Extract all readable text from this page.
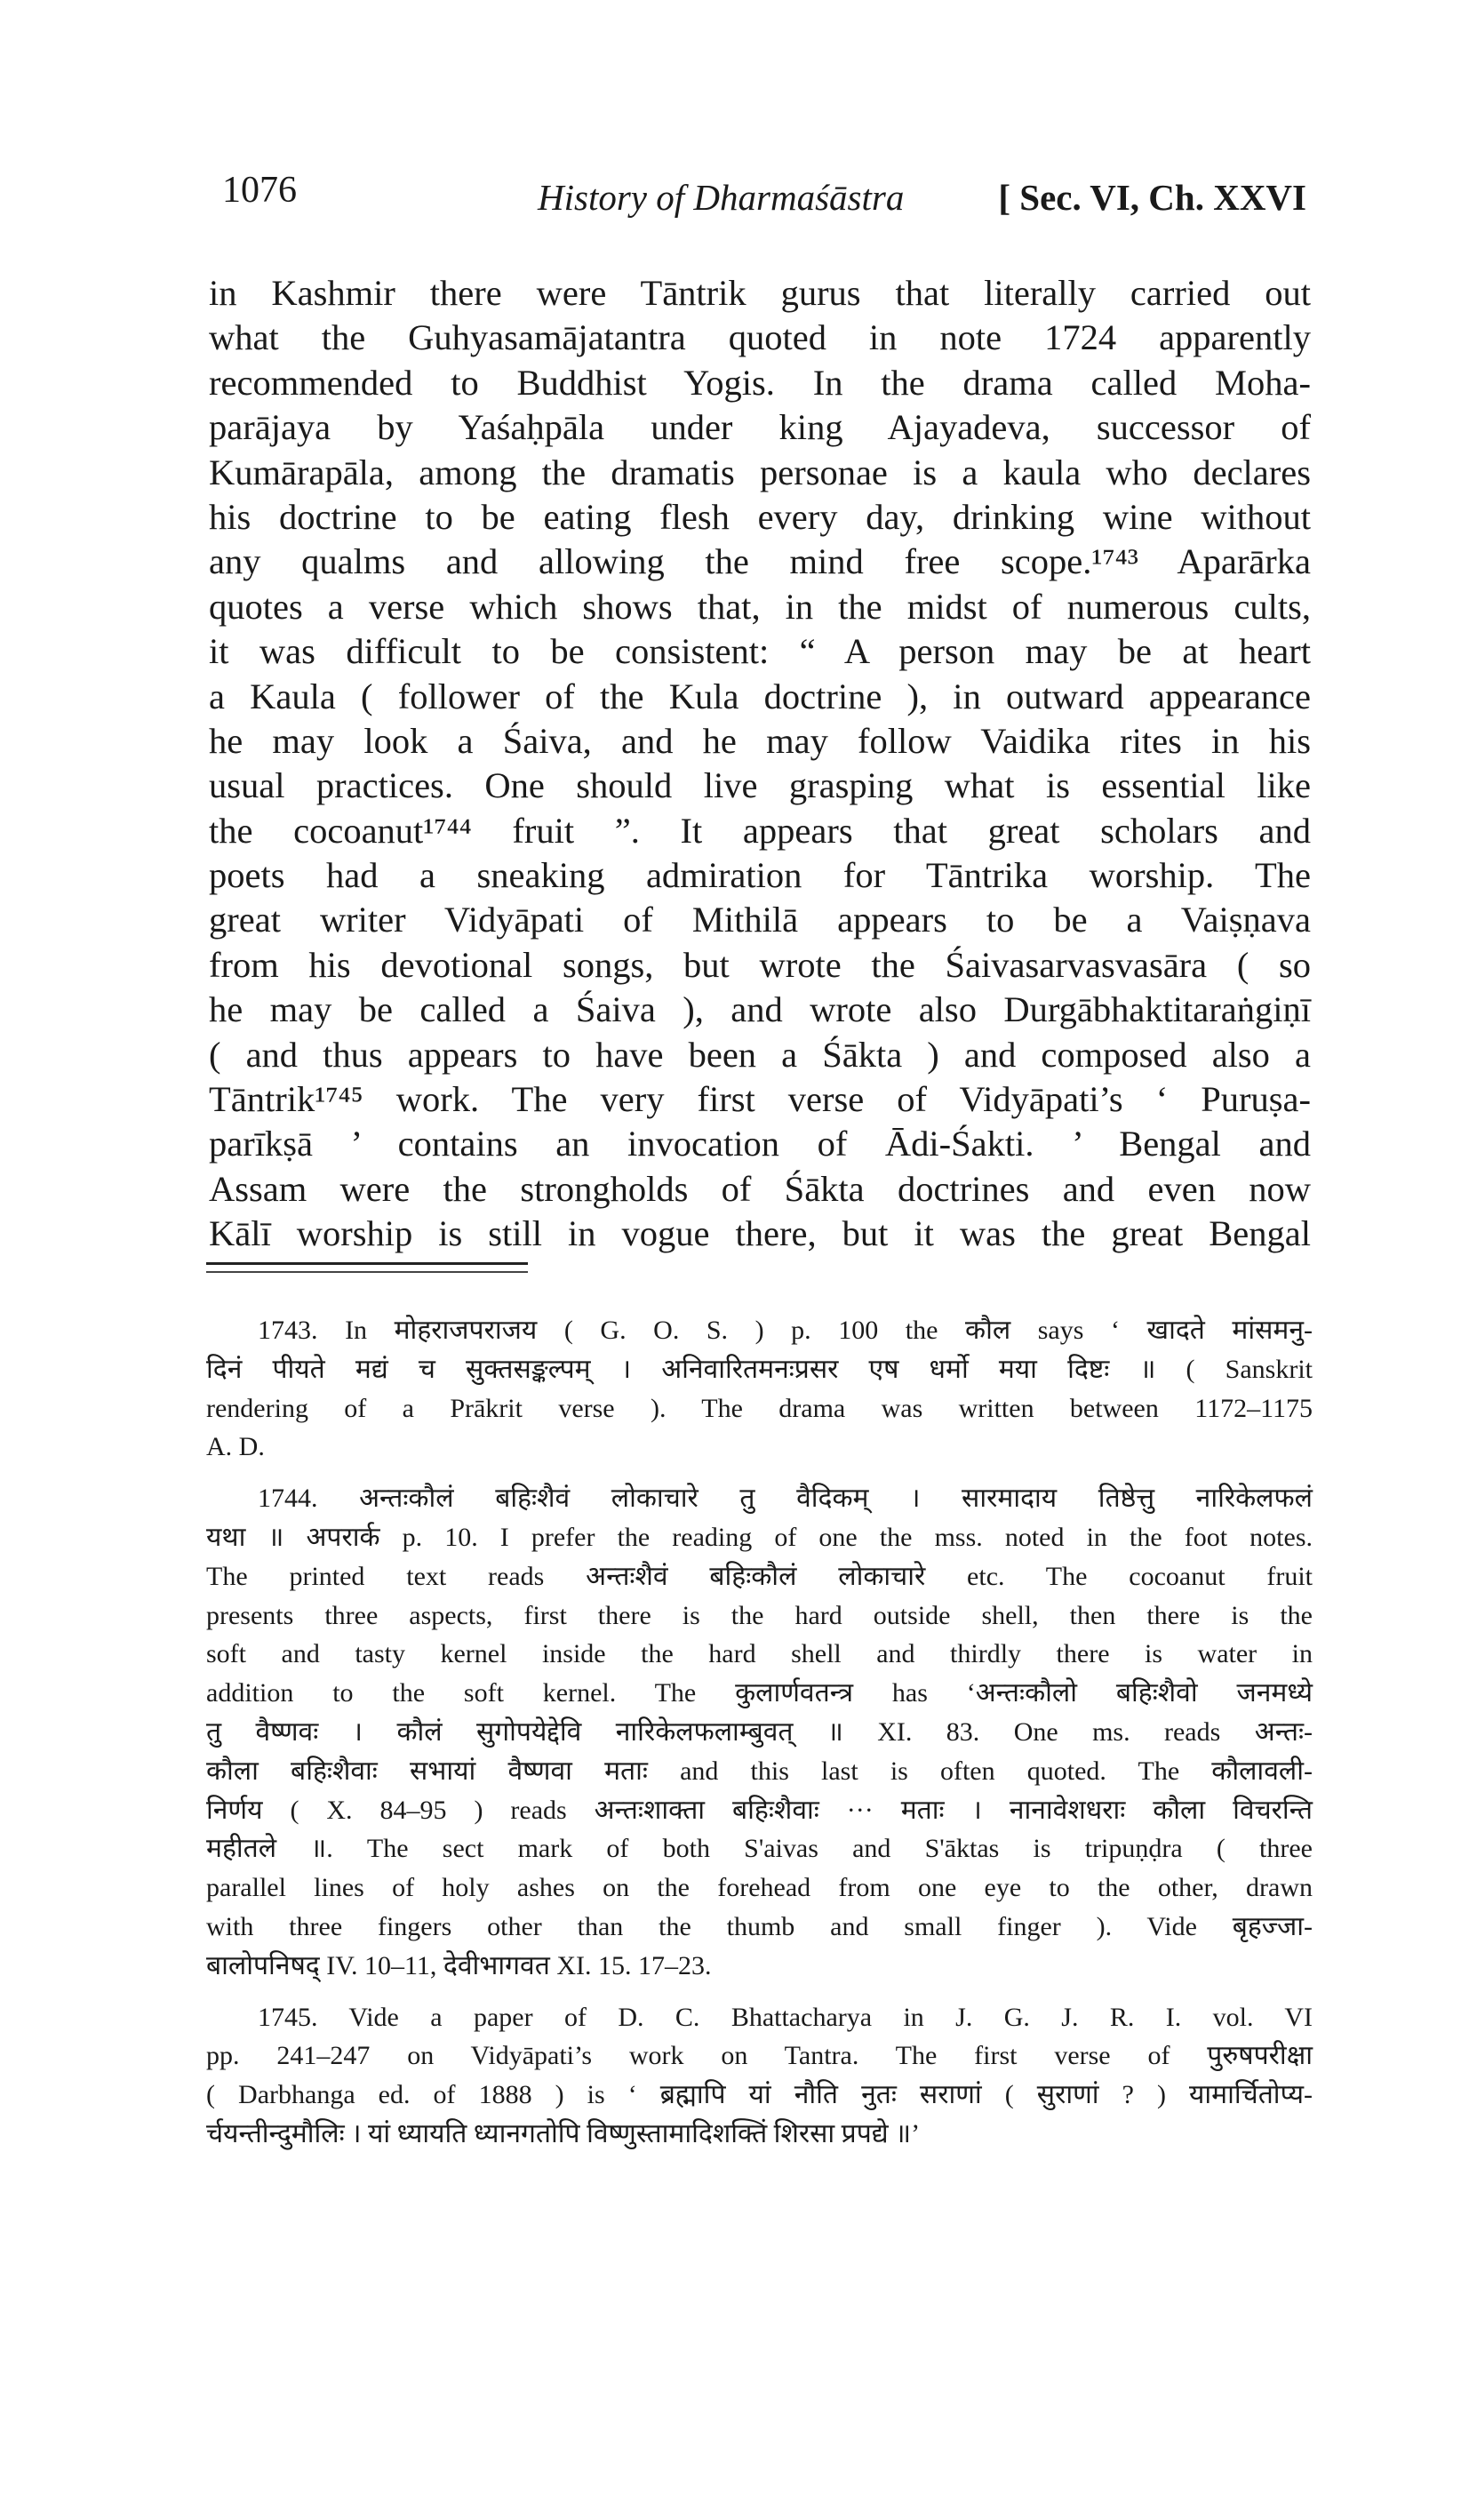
1076	History of Dharmaśāstra	[ Sec. VI, Ch. XXVI
in Kashmir there were Tāntrik gurus that literally carried out
what the Guhyasamājatantra quoted in note 1724 apparently
recommended to Buddhist Yogis. In the drama called Moha-
parājaya by Yaśaḥpāla under king Ajayadeva, successor of
Kumārapāla, among the dramatis personae is a kaula who declares
his doctrine to be eating flesh every day, drinking wine without
any qualms and allowing the mind free scope.¹⁷⁴³ Aparārka
quotes a verse which shows that, in the midst of numerous cults,
it was difficult to be consistent: “ A person may be at heart
a Kaula ( follower of the Kula doctrine ), in outward appearance
he may look a Śaiva, and he may follow Vaidika rites in his
usual practices. One should live grasping what is essential like
the cocoanut¹⁷⁴⁴ fruit ”. It appears that great scholars and
poets had a sneaking admiration for Tāntrika worship. The
great writer Vidyāpati of Mithilā appears to be a Vaiṣṇava
from his devotional songs, but wrote the Śaivasarvasvasāra ( so
he may be called a Śaiva ), and wrote also Durgābhaktitaraṅgiṇī
( and thus appears to have been a Śākta ) and composed also a
Tāntrik¹⁷⁴⁵ work. The very first verse of Vidyāpati’s ‘ Puruṣa-
parīkṣā ’ contains an invocation of Ādi-Śakti. ’ Bengal and
Assam were the strongholds of Śākta doctrines and even now
Kālī worship is still in vogue there, but it was the great Bengal
1743. In मोहराजपराजय ( G. O. S. ) p. 100 the कौल says ‘ खादते मांसमनु-
दिनं पीयते मद्यं च सुक्तसङ्कल्पम् । अनिवारितमनःप्रसर एष धर्मो मया दिष्टः ॥ ( Sanskrit
rendering of a Prākrit verse ). The drama was written between 1172–1175
A. D.
1744. अन्तःकौलं बहिःशैवं लोकाचारे तु वैदिकम् । सारमादाय तिष्ठेत्तु नारिकेलफलं
यथा ॥ अपरार्क p. 10. I prefer the reading of one the mss. noted in the foot notes.
The printed text reads अन्तःशैवं बहिःकौलं लोकाचारे etc. The cocoanut fruit
presents three aspects, first there is the hard outside shell, then there is the
soft and tasty kernel inside the hard shell and thirdly there is water in
addition to the soft kernel. The कुलार्णवतन्त्र has ‘अन्तःकौलो बहिःशैवो जनमध्ये
तु वैष्णवः । कौलं सुगोपयेद्देवि नारिकेलफलाम्बुवत् ॥ XI. 83. One ms. reads अन्तः-
कौला बहिःशैवाः सभायां वैष्णवा मताः and this last is often quoted. The कौलावली-
निर्णय ( X. 84–95 ) reads अन्तःशाक्ता बहिःशैवाः ··· मताः । नानावेशधराः कौला विचरन्ति
महीतले ॥. The sect mark of both S'aivas and S'āktas is tripuṇḍra ( three
parallel lines of holy ashes on the forehead from one eye to the other, drawn
with three fingers other than the thumb and small finger ). Vide बृहज्जा-
बालोपनिषद् IV. 10–11, देवीभागवत XI. 15. 17–23.
1745. Vide a paper of D. C. Bhattacharya in J. G. J. R. I. vol. VI
pp. 241–247 on Vidyāpati’s work on Tantra. The first verse of पुरुषपरीक्षा
( Darbhanga ed. of 1888 ) is ‘ ब्रह्मापि यां नौति नुतः सराणां ( सुराणां ? ) यामार्चितोप्य-
र्चयन्तीन्दुमौलिः । यां ध्यायति ध्यानगतोपि विष्णुस्तामादिशक्तिं शिरसा प्रपद्ये ॥’
